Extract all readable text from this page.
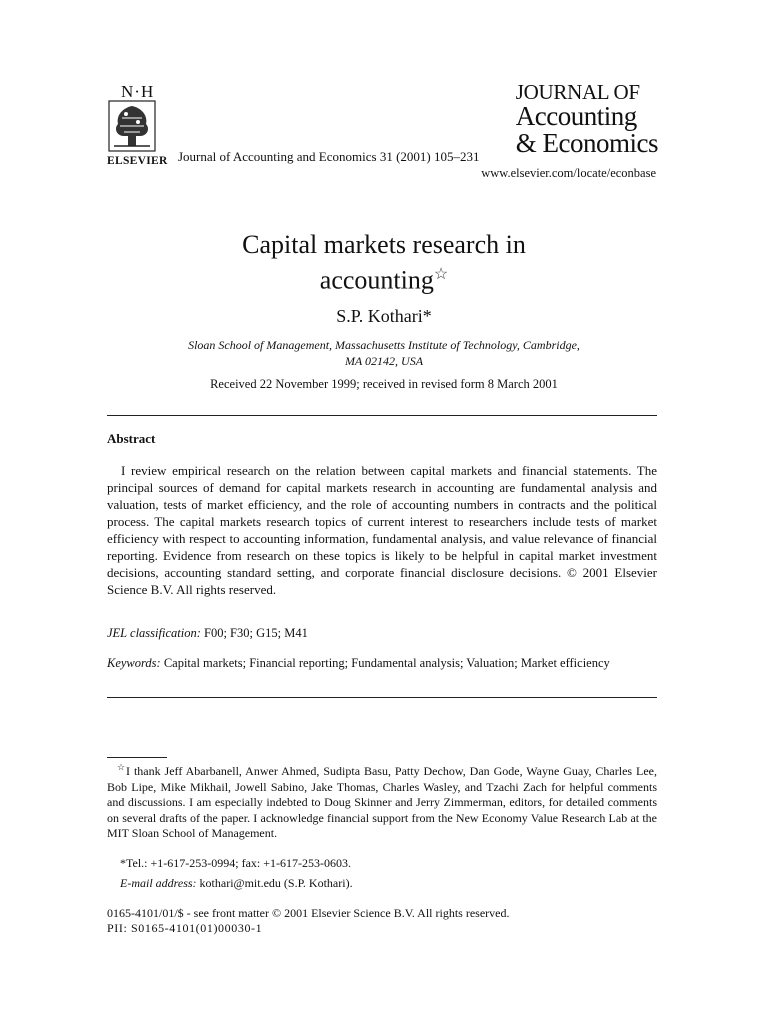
N·H
ELSEVIER Journal of Accounting and Economics 31 (2001) 105–231
JOURNAL OF
Accounting
& Economics
www.elsevier.com/locate/econbase
Capital markets research in
accounting☆
S.P. Kothari*
Sloan School of Management, Massachusetts Institute of Technology, Cambridge,
MA 02142, USA
Received 22 November 1999; received in revised form 8 March 2001
Abstract
I review empirical research on the relation between capital markets and financial statements. The principal sources of demand for capital markets research in accounting are fundamental analysis and valuation, tests of market efficiency, and the role of accounting numbers in contracts and the political process. The capital markets research topics of current interest to researchers include tests of market efficiency with respect to accounting information, fundamental analysis, and value relevance of financial reporting. Evidence from research on these topics is likely to be helpful in capital market investment decisions, accounting standard setting, and corporate financial disclosure decisions. © 2001 Elsevier Science B.V. All rights reserved.
JEL classification: F00; F30; G15; M41
Keywords: Capital markets; Financial reporting; Fundamental analysis; Valuation; Market efficiency
☆I thank Jeff Abarbanell, Anwer Ahmed, Sudipta Basu, Patty Dechow, Dan Gode, Wayne Guay, Charles Lee, Bob Lipe, Mike Mikhail, Jowell Sabino, Jake Thomas, Charles Wasley, and Tzachi Zach for helpful comments and discussions. I am especially indebted to Doug Skinner and Jerry Zimmerman, editors, for detailed comments on several drafts of the paper. I acknowledge financial support from the New Economy Value Research Lab at the MIT Sloan School of Management.
*Tel.: +1-617-253-0994; fax: +1-617-253-0603.
E-mail address: kothari@mit.edu (S.P. Kothari).
0165-4101/01/$ - see front matter © 2001 Elsevier Science B.V. All rights reserved.
PII: S0165-4101(01)00030-1
